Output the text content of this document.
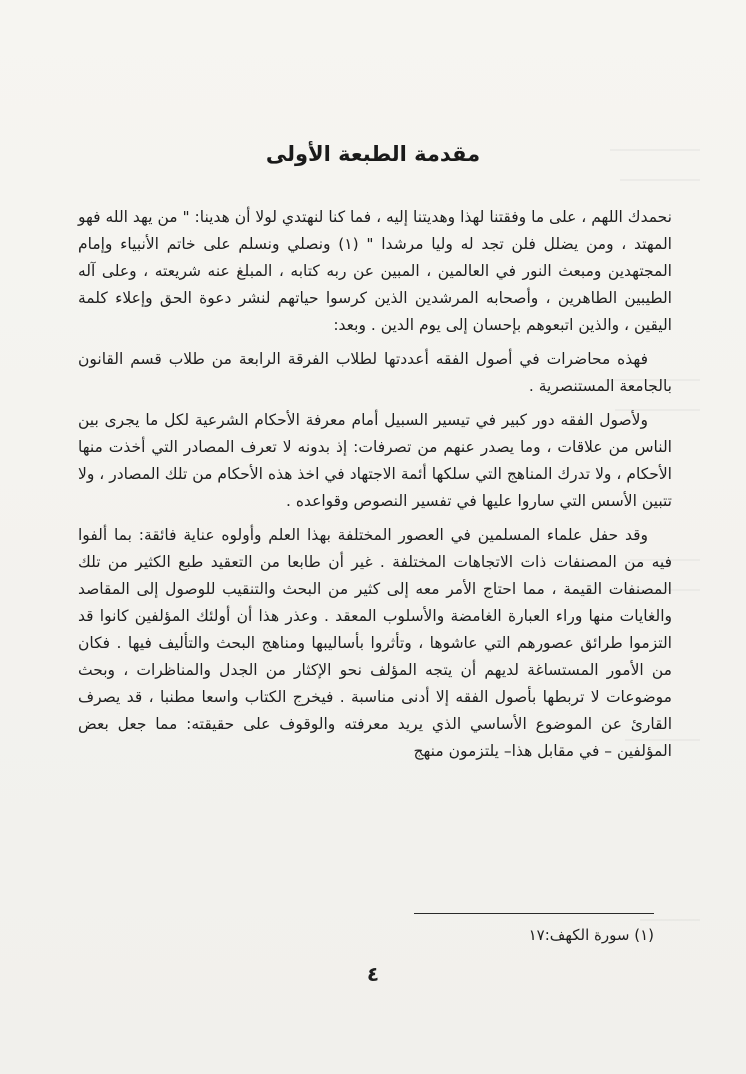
مقدمة الطبعة الأولى

نحمدك اللهم ، على ما وفقتنا لهذا وهديتنا إليه ، فما كنا لنهتدي لولا أن هدينا: " من يهد الله فهو المهتد ، ومن يضلل فلن تجد له وليا مرشدا " (١) ونصلي ونسلم على خاتم الأنبياء وإمام المجتهدين ومبعث النور في العالمين ، المبين عن ربه كتابه ، المبلغ عنه شريعته ، وعلى آله الطيبين الطاهرين ، وأصحابه المرشدين الذين كرسوا حياتهم لنشر دعوة الحق وإعلاء كلمة اليقين ، والذين اتبعوهم بإحسان إلى يوم الدين . وبعد:

فهذه محاضرات في أصول الفقه أعددتها لطلاب الفرقة الرابعة من طلاب قسم القانون بالجامعة المستنصرية .

ولأصول الفقه دور كبير في تيسير السبيل أمام معرفة الأحكام الشرعية لكل ما يجرى بين الناس من علاقات ، وما يصدر عنهم من تصرفات: إذ بدونه لا تعرف المصادر التي أخذت منها الأحكام ، ولا تدرك المناهج التي سلكها أئمة الاجتهاد في اخذ هذه الأحكام من تلك المصادر ، ولا تتبين الأسس التي ساروا عليها في تفسير النصوص وقواعده .

وقد حفل علماء المسلمين في العصور المختلفة بهذا العلم وأولوه عناية فائقة: بما ألفوا فيه من المصنفات ذات الاتجاهات المختلفة . غير أن طابعا من التعقيد طبع الكثير من تلك المصنفات القيمة ، مما احتاج الأمر معه إلى كثير من البحث والتنقيب للوصول إلى المقاصد والغايات منها وراء العبارة الغامضة والأسلوب المعقد . وعذر هذا أن أولئك المؤلفين كانوا قد التزموا طرائق عصورهم التي عاشوها ، وتأثروا بأساليبها ومناهج البحث والتأليف فيها . فكان من الأمور المستساغة لديهم أن يتجه المؤلف نحو الإكثار من الجدل والمناظرات ، وبحث موضوعات لا تربطها بأصول الفقه إلا أدنى مناسبة . فيخرج الكتاب واسعا مطنبا ، قد يصرف القارئ عن الموضوع الأساسي الذي يريد معرفته والوقوف على حقيقته: مما جعل بعض المؤلفين – في مقابل هذا– يلتزمون منهج

(١) سورة الكهف:١٧
٤
